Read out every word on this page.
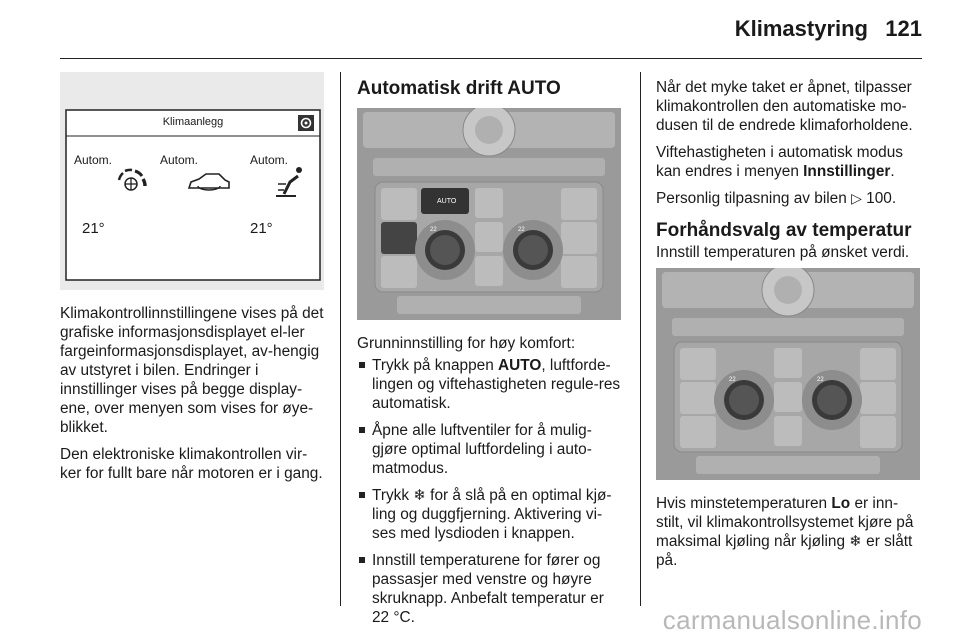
Klimastyring 121
Klimaanlegg
Autom.	Autom.	Autom.
21°	21°

Klimakontrollinnstillingene vises på det grafiske informasjonsdisplayet el-ler fargeinformasjonsdisplayet, av-hengig av utstyret i bilen. Endringer i innstillinger vises på begge display-ene, over menyen som vises for øye-blikket.

Den elektroniske klimakontrollen vir-ker for fullt bare når motoren er i gang.

Automatisk drift AUTO
AUTO
22	22

Grunninnstilling for høy komfort:

Trykk på knappen AUTO, luftforde-lingen og viftehastigheten regule-res automatisk.
Åpne alle luftventiler for å mulig-gjøre optimal luftfordeling i auto-matmodus.
Trykk ❄ for å slå på en optimal kjø-ling og duggfjerning. Aktivering vi-ses med lysdioden i knappen.
Innstill temperaturene for fører og passasjer med venstre og høyre skruknapp. Anbefalt temperatur er 22 °C.

Når det myke taket er åpnet, tilpasser klimakontrollen den automatiske mo-dusen til de endrede klimaforholdene.

Viftehastigheten i automatisk modus kan endres i menyen Innstillinger.

Personlig tilpasning av bilen ▷ 100.

Forhåndsvalg av temperatur

Innstill temperaturen på ønsket verdi.

22	22

Hvis minstetemperaturen Lo er inn-stilt, vil klimakontrollsystemet kjøre på maksimal kjøling når kjøling ❄ er slått på.

carmanualsonline.info
